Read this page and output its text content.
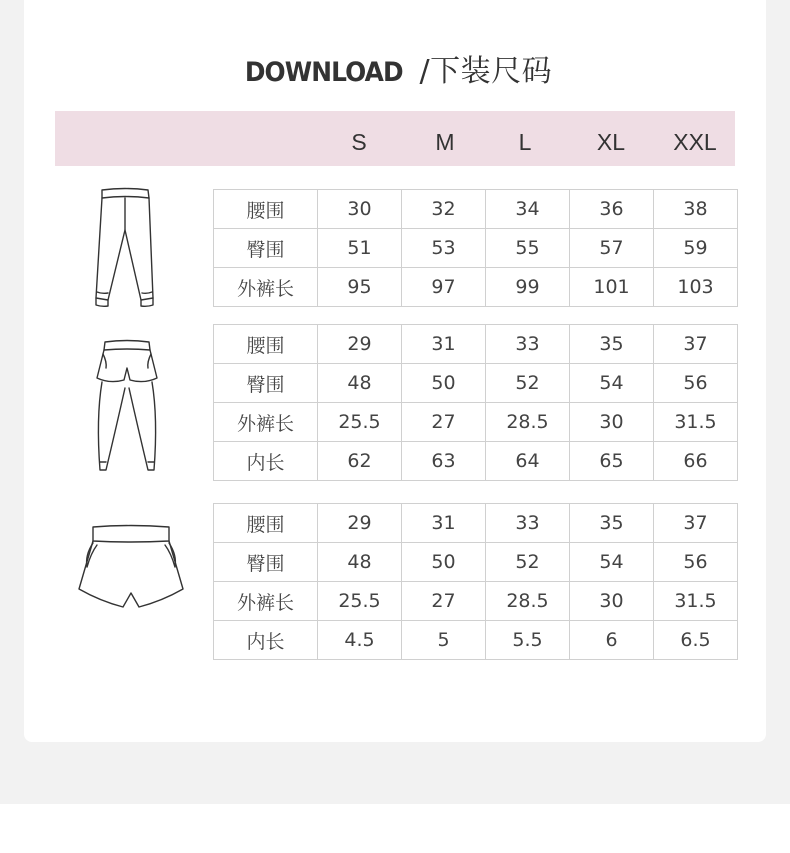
DOWNLOAD /下装尺码
S	M	L	XL	XXL
腰围	30	32	34	36	38
臀围	51	53	55	57	59
外裤长	95	97	99	101	103
腰围	29	31	33	35	37
臀围	48	50	52	54	56
外裤长	25.5	27	28.5	30	31.5
内长	62	63	64	65	66
腰围	29	31	33	35	37
臀围	48	50	52	54	56
外裤长	25.5	27	28.5	30	31.5
内长	4.5	5	5.5	6	6.5
